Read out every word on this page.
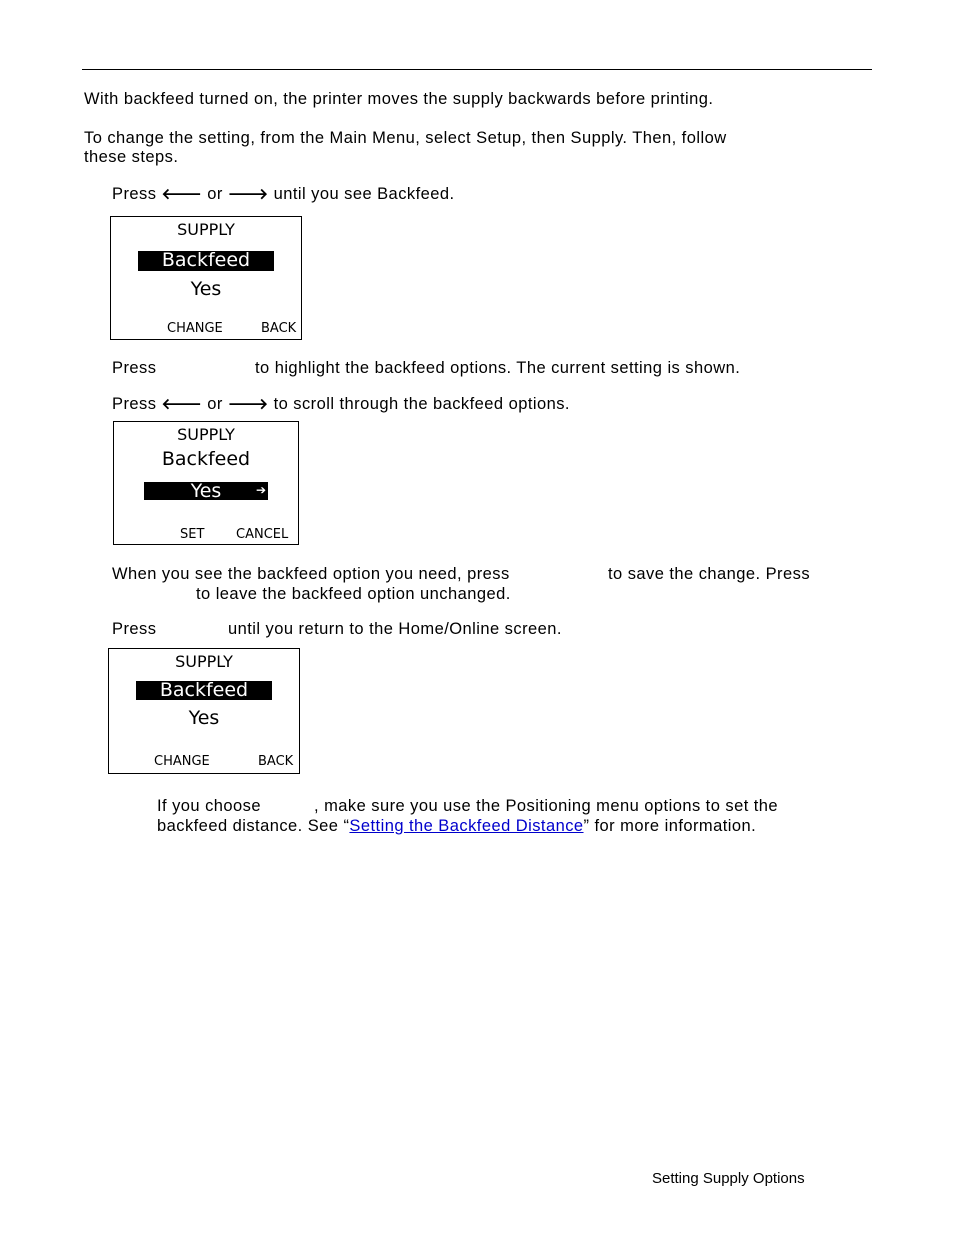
With backfeed turned on, the printer moves the supply backwards before printing.
To change the setting, from the Main Menu, select Setup, then Supply. Then, follow
these steps.
Press 🡐 or 🡒 until you see Backfeed.
SUPPLY
Backfeed
Yes
CHANGE	BACK
Press	to highlight the backfeed options. The current setting is shown.
Press 🡐 or 🡒 to scroll through the backfeed options.
SUPPLY
Backfeed
Yes	➔
SET CANCEL
When you see the backfeed option you need, press	to save the change. Press
to leave the backfeed option unchanged.
Press	until you return to the Home/Online screen.
SUPPLY
Backfeed
Yes
CHANGE	BACK
If you choose	, make sure you use the Positioning menu options to set the
backfeed distance. See “Setting the Backfeed Distance” for more information.
Setting Supply Options
